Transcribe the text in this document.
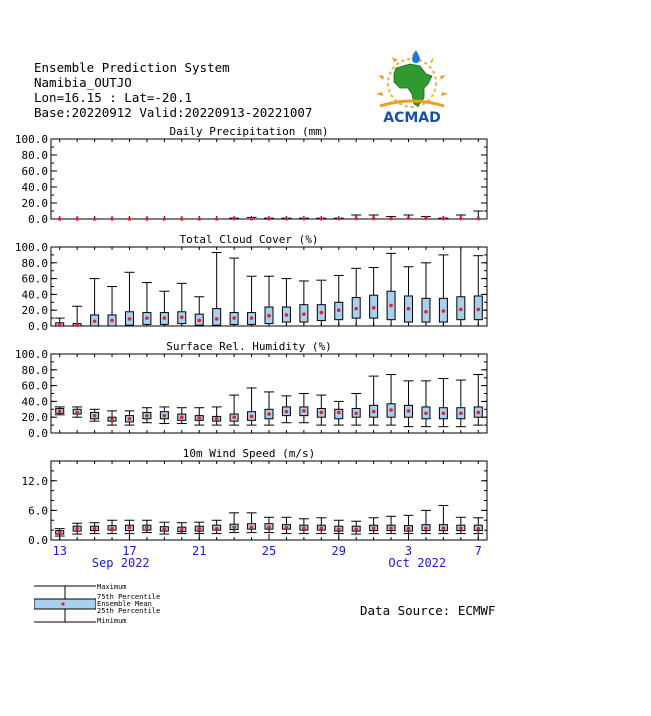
Ensemble Prediction System
Namibia_OUTJO
Lon=16.15 : Lat=-20.1
Base:20220912 Valid:20220913-20221007	ACMAD
Daily Precipitation (mm)
0.0
20.0
40.0
60.0
80.0
100.0
Total Cloud Cover (%)
0.0
20.0
40.0
60.0
80.0
100.0
Surface Rel. Humidity (%)
0.0
20.0
40.0
60.0
80.0
100.0
10m Wind Speed (m/s)
0.0
6.0
12.0
13	17	21	25	29	3	7
Sep 2022	Oct 2022
Data Source: ECMWF
Maximum
75th Percentile
Ensemble Mean
25th Percentile
Minimum
